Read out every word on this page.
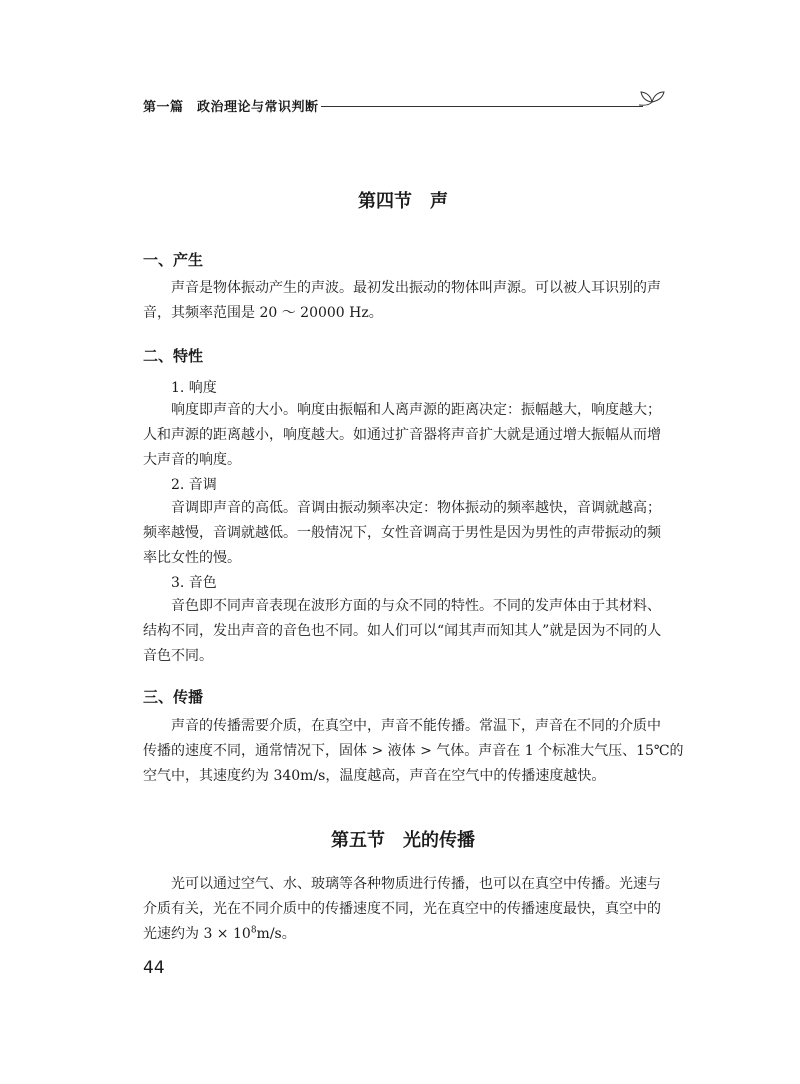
第一篇　政治理论与常识判断
第四节　声
一、产生
　　声音是物体振动产生的声波。最初发出振动的物体叫声源。可以被人耳识别的声
音，其频率范围是 20 ～ 20000 Hz。
二、特性
1. 响度
　　响度即声音的大小。响度由振幅和人离声源的距离决定：振幅越大，响度越大；
人和声源的距离越小，响度越大。如通过扩音器将声音扩大就是通过增大振幅从而增
大声音的响度。
2. 音调
　　音调即声音的高低。音调由振动频率决定：物体振动的频率越快，音调就越高；
频率越慢，音调就越低。一般情况下，女性音调高于男性是因为男性的声带振动的频
率比女性的慢。
3. 音色
　　音色即不同声音表现在波形方面的与众不同的特性。不同的发声体由于其材料、
结构不同，发出声音的音色也不同。如人们可以“闻其声而知其人”就是因为不同的人
音色不同。
三、传播
　　声音的传播需要介质，在真空中，声音不能传播。常温下，声音在不同的介质中
传播的速度不同，通常情况下，固体 > 液体 > 气体。声音在 1 个标准大气压、15℃的
空气中，其速度约为 340m/s，温度越高，声音在空气中的传播速度越快。
第五节　光的传播
　　光可以通过空气、水、玻璃等各种物质进行传播，也可以在真空中传播。光速与
介质有关，光在不同介质中的传播速度不同，光在真空中的传播速度最快，真空中的
光速约为 $3 \times 10^8m/s$。
44
